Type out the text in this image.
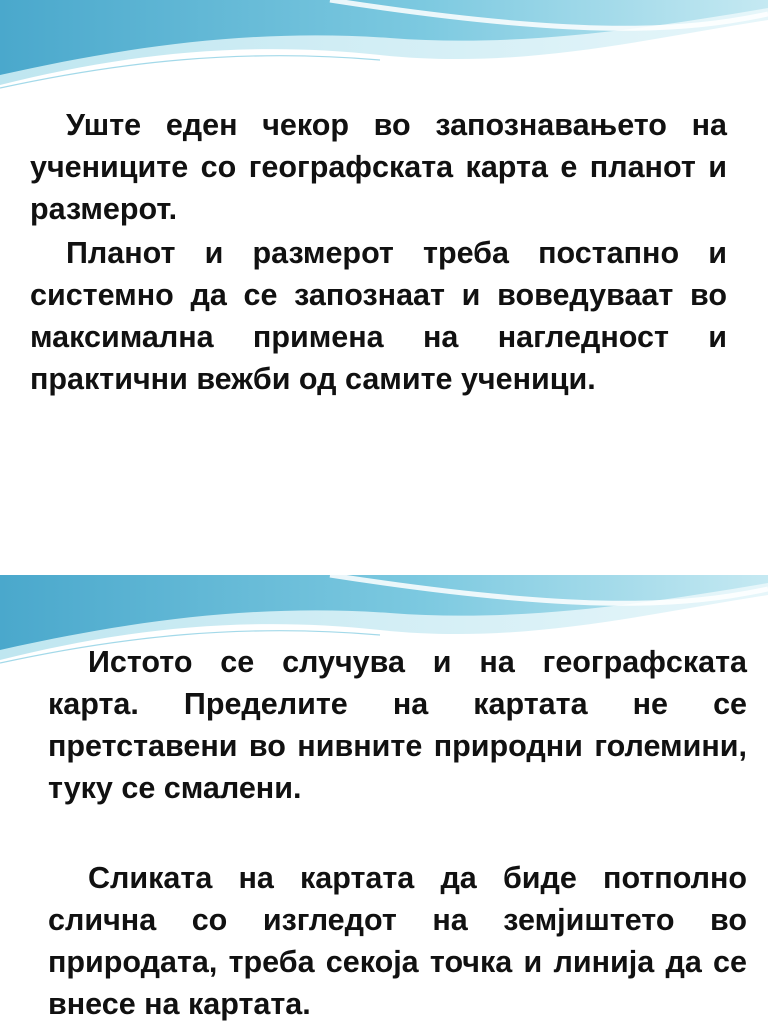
Уште еден чекор во запознавањето на учениците со географската карта е планот и размерот.

Планот и размерот треба постапно и системно да се запознаат и воведуваат во максимална примена на нагледност и практични вежби од самите ученици.

Истото се случува и на географската карта. Пределите на картата не се претставени во нивните природни големини, туку се смалени.

Сликата на картата да биде потполно слична со изгледот на земјиштето во природата, треба секоја точка и линија да се внесе на картата.
